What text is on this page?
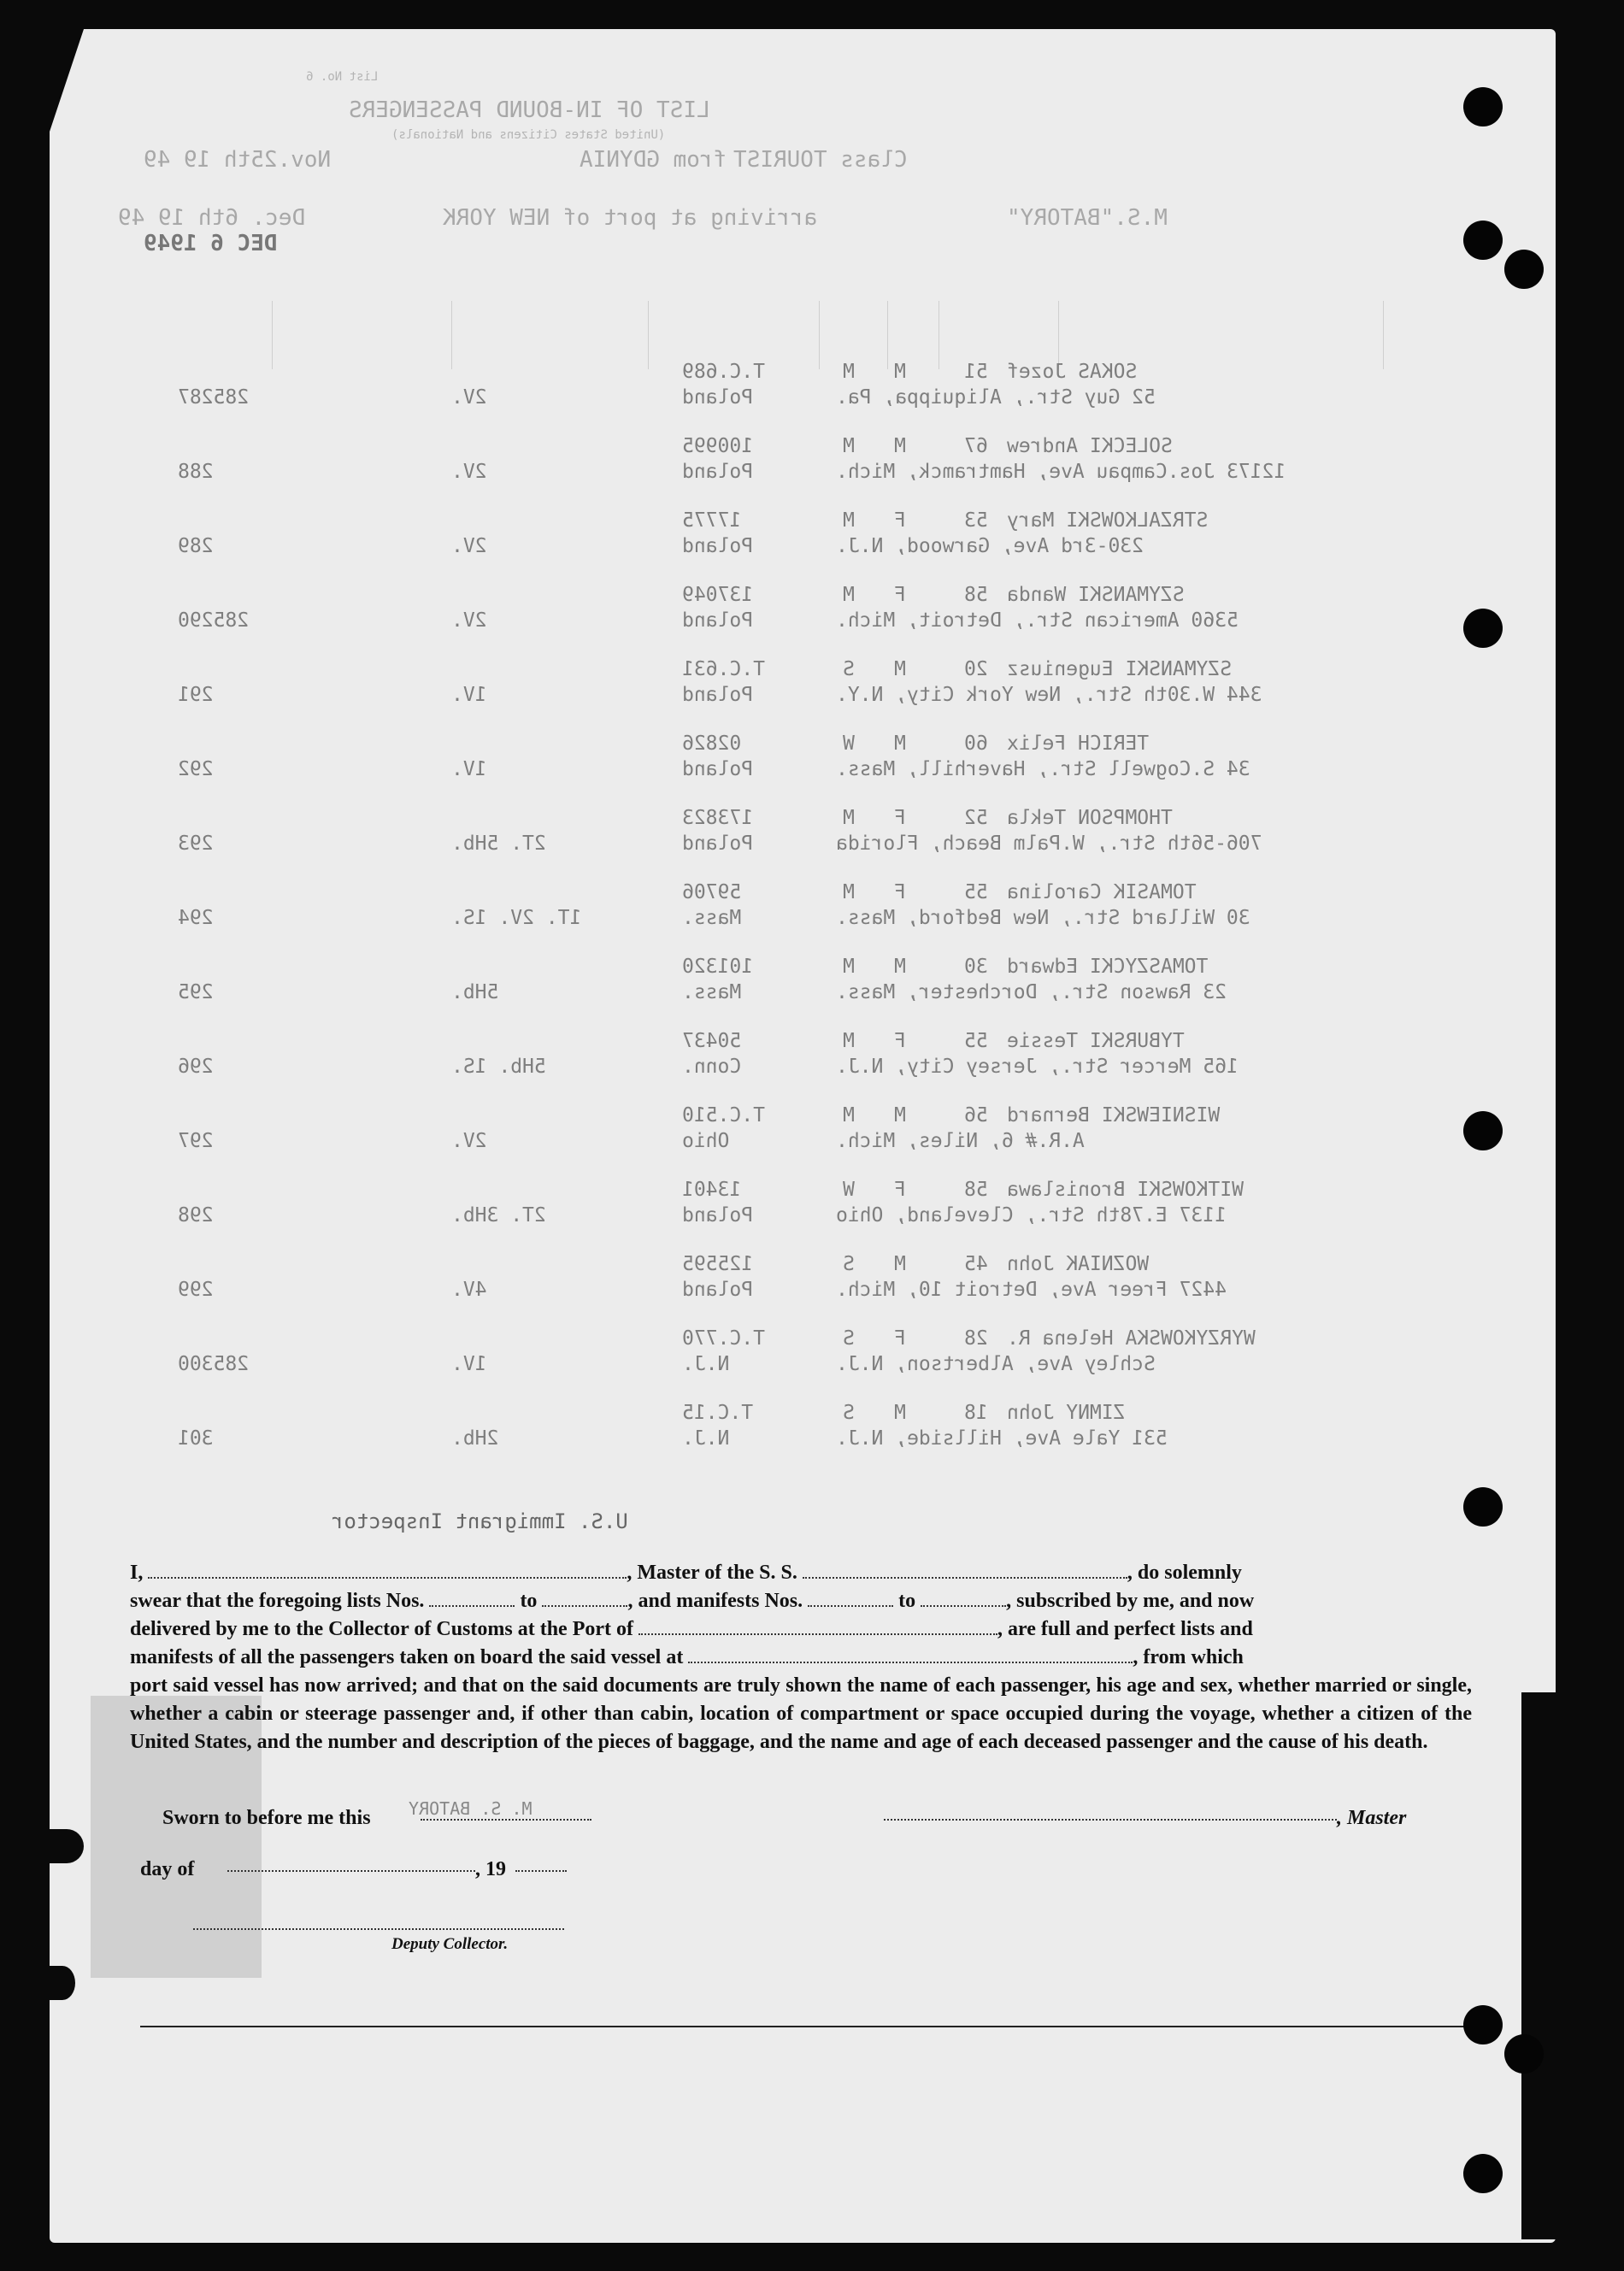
LIST OF IN-BOUND PASSENGERS
List No. 6
(United States Citizens and Nationals)
Class TOURIST
from GDYNIA
Nov.25th 19 49
M.S."BATORY"
arriving at port of NEW YORK
Dec. 6th 19 49
DEC 6 1949
T.C.689	M M	51 SOKAS Jozef
285287	2V.	Poland	52 Guy Str., Aliquippa, Pa.
100995	M M	67 SOLECKI Andrew
288	2V.	Poland	12173 Jos.Campau Ave, Hamtramck, Mich.
17775	M F	53 STRZALKOWSKI Mary
289	2V.	Poland	230-3rd Ave, Garwood, N.J.
137049	M F	58 SZYMANSKI Wanda
285290	2V.	Poland	5360 American Str., Detroit, Mich.
T.C.631	S M	20 SZYMANSKI Eugeniusz
291	1V.	Poland	344 W.30th Str., New York City, N.Y.
02826	W M	60 TERICH Felix
292	1V.	Poland	34 S.Cogwell Str., Haverhill, Mass.
173823	M F	52 THOMPSON Tekla
293	2T. 5Hb.	Poland	706-56th Str., W.Palm Beach, Florida
59706	M F	55 TOMASIK Carolina
294	1T. 2V. 1S.	Mass.	30 Willard Str., New Bedford, Mass.
101320	M M	30 TOMASZYCKI Edward
295	5Hb.	Mass.	23 Rawson Str., Dorchester, Mass.
50437	M F	55 TYBURSKI Tessie
296	5Hb. 1S.	Conn.	165 Mercer Str., Jersey City, N.J.
T.C.510	M M	56 WISNIEWSKI Bernard
297	2V.	Ohio	A.R.# 6, Niles, Mich.
13401	W F	58 WITKOWSKI Bronislawa
298	2T. 3Hb.	Poland	1137 E.78th Str., Cleveland, Ohio
125595	S M	45 WOZNIAK John
299	4V.	Poland	4427 Freer Ave, Detroit 10, Mich.
T.C.770	S F	28 WYRZYKOWSKA Helena R.
285300	1V.	N.J.	Schley Ave, Albertson, N.J.
T.C.15	S M	18 ZIMNY John
301	2Hb.	N.J.	531 Yale Ave, Hillside, N.J.
U.S. Immigrant Inspector
I,	, Master of the S. S.	, do solemnly
swear that the foregoing lists Nos.	to	, and manifests Nos.	to	, subscribed by me, and now
delivered by me to the Collector of Customs at the Port of	, are full and perfect lists and
manifests of all the passengers taken on board the said vessel at	, from which
port said vessel has now arrived; and that on the said documents are truly shown the name of each passenger, his age and sex, whether married or single, whether a cabin or steerage passenger and, if other than cabin, location of compartment or space occupied during the voyage, whether a citizen of the United States, and the number and description of the pieces of baggage, and the name and age of each deceased passenger and the cause of his death.
Sworn to before me this M. S. BATORY	, Master
day of	, 19
Deputy Collector.
